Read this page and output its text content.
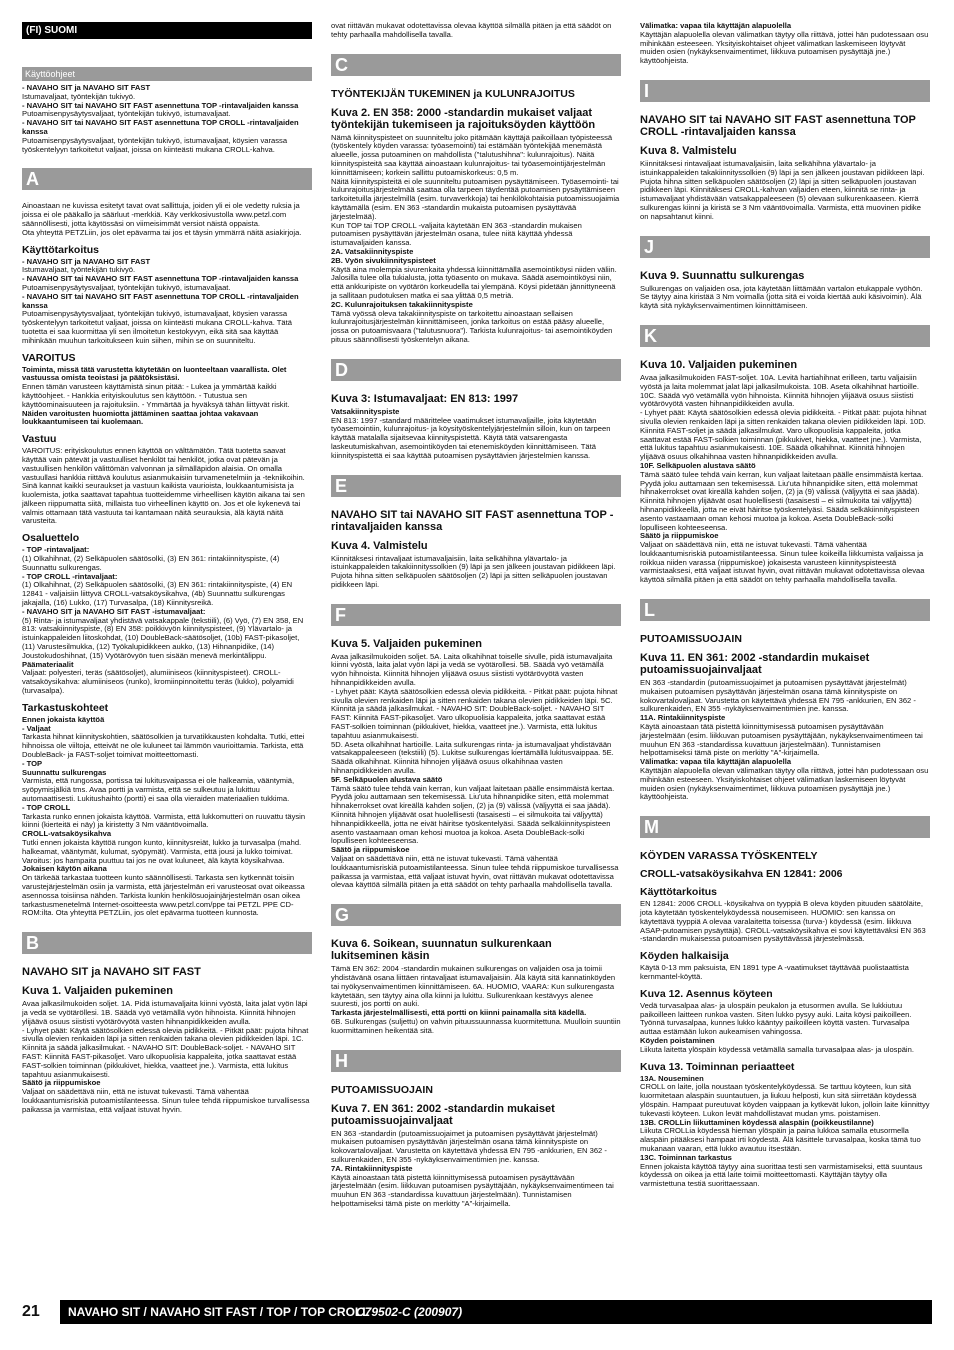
(FI) SUOMI
Käyttöohjeet
- NAVAHO SIT ja NAVAHO SIT FAST
Istumavaljaat, työntekijän tukivyö.
- NAVAHO SIT tai NAVAHO SIT FAST asennettuna TOP -rintavaljaiden kanssa
Putoamisenpysäytysvaljaat, työntekijän tukivyö, istumavaljaat.
- NAVAHO SIT tai NAVAHO SIT FAST asennettuna TOP CROLL -rintavaljaiden kanssa
Putoamisenpysäytysvaljaat, työntekijän tukivyö, istumavaljaat, köysien varassa työskentelyyn tarkoitetut valjaat, joissa on kiinteästi mukana CROLL-kahva.
A
Ainoastaan ne kuvissa esitetyt tavat ovat sallittuja, joiden yli ei ole vedetty ruksia ja joissa ei ole pääkallo ja säärluut -merkkiä. Käy verkkosivustolla www.petzl.com säännöllisesti, jotta käytössäsi on viimeisimmät versiot näistä oppaista.
Ota yhteyttä PETZLiin, jos olet epävarma tai jos et täysin ymmärrä näitä asiakirjoja.
Käyttötarkoitus
- NAVAHO SIT ja NAVAHO SIT FAST
Istumavaljaat, työntekijän tukivyö.
- NAVAHO SIT tai NAVAHO SIT FAST asennettuna TOP -rintavaljaiden kanssa
Putoamisenpysäytysvaljaat, työntekijän tukivyö, istumavaljaat.
- NAVAHO SIT tai NAVAHO SIT FAST asennettuna TOP CROLL -rintavaljaiden kanssa
Putoamisenpysäytysvaljaat, työntekijän tukivyö, istumavaljaat, köysien varassa työskentelyyn tarkoitetut valjaat, joissa on kiinteästi mukana CROLL-kahva. Tätä tuotetta ei saa kuormittaa yli sen ilmoitetun kestokyvyn, eikä sitä saa käyttää mihinkään muuhun tarkoitukseen kuin siihen, mihin se on suunniteltu.
VAROITUS
Toiminta, missä tätä varustetta käytetään on luonteeltaan vaarallista. Olet vastuussa omista teoistasi ja päätöksistäsi.
Ennen tämän varusteen käyttämistä sinun pitää: - Lukea ja ymmärtää kaikki käyttöohjeet. - Hankkia erityiskoulutus sen käyttöön. - Tutustua sen käyttöominaisuuteen ja rajoituksiin. - Ymmärtää ja hyväksyä tähän liittyvät riskit.
Näiden varoitusten huomiotta jättäminen saattaa johtaa vakavaan loukkaantumiseen tai kuolemaan.
Vastuu
VAROITUS: erityiskoulutus ennen käyttöä on välttämätön. Tätä tuotetta saavat käyttää vain pätevät ja vastuulliset henkilöt tai henkilöt, jotka ovat pätevän ja vastuullisen henkilön välittömän valvonnan ja silmälläpidon alaisia. On omalla vastuullasi hankkia riittävä koulutus asianmukaisiin turvamenetelmiin ja -tekniikoihin. Sinä kannat kaikki seuraukset ja vastuun kaikista vaurioista, loukkaantumisista ja kuolemista, jotka saattavat tapahtua tuotteidemme virheellisen käytön aikana tai sen jälkeen riippumatta siitä, millaista tuo virheellinen käyttö on. Jos et ole kykenevä tai valmis ottamaan tätä vastuuta tai kantamaan näitä seurauksia, älä käytä näitä varusteita.
Osaluettelo
- TOP -rintavaljaat:
(1) Olkahihnat, (2) Selkäpuolen säätösolki, (3) EN 361: rintakiinnityspiste, (4) Suunnattu sulkurengas.
- TOP CROLL -rintavaljaat:
(1) Olkahihnat, (2) Selkäpuolen säätösolki, (3) EN 361: rintakiinnityspiste, (4) EN 12841 - valjaisiin liittyvä CROLL-vatsaköysikahva, (4b) Suunnattu sulkurengas jakajalla, (16) Lukko, (17) Turvasalpa, (18) Kiinnitysreikä.
- NAVAHO SIT ja NAVAHO SIT FAST -istumavaljaat:
(5) Rinta- ja istumavaljaat yhdistävä vatsakappale (tekstiili), (6) Vyö, (7) EN 358, EN 813: vatsakiinnityspiste, (8) EN 358: poikkivyön kiinnityspisteet, (9) Ylävartalo- ja istuinkappaleiden liitoskohdat, (10) DoubleBack-säätösoljet, (10b) FAST-pikasoljet, (11) Varustesilmukka, (12) Työkalupidikkeen aukko, (13) Hihnanpidike, (14) Joustokudoshihnat, (15) Vyötärövyön tuen sisään menevä merkintälippu.
Päämateriaalit
Valjaat: polyesteri, teräs (säätösoljet), alumiiniseos (kiinnityspisteet). CROLL-vatsaköysikahva: alumiiniseos (runko), kromiinpinnoitettu teräs (lukko), polyamidi (turvasalpa).
Tarkastuskohteet
Ennen jokaista käyttöä
- Valjaat
Tarkasta hihnat kiinnityskohtien, säätösolkien ja turvatikkausten kohdalta. Tutki, ettei hihnoissa ole viiltoja, etteivät ne ole kuluneet tai lämmön vaurioittamia. Tarkista, että DoubleBack- ja FAST-soljet toimivat moitteettomasti.
- TOP
Suunnattu sulkurengas
Varmista, että rungossa, portissa tai lukitusvaipassa ei ole halkeamia, vääntymiä, syöpymisjälkiä tms. Avaa portti ja varmista, että se sulkeutuu ja lukittuu automaattisesti. Lukitushaihto (portti) ei saa olla vieraiden materiaalien tukkima.
- TOP CROLL
Tarkasta runko ennen jokaista käyttöä. Varmista, että lukkomutteri on ruuvattu täysin kiinni (kierteitä ei näy) ja kiristetty 3 Nm vääntövoimalla.
CROLL-vatsaköysikahva
Tutki ennen jokaista käyttöä rungon kunto, kiinnitysreiät, lukko ja turvasalpa (mahd. halkeamat, vääntymät, kulumat, syöpymät). Varmista, että jousi ja lukko toimivat. Varoitus: jos hampaita puuttuu tai jos ne ovat kuluneet, älä käytä köysikahvaa.
Jokaisen käytön aikana
On tärkeää tarkastaa tuotteen kunto säännöllisesti. Tarkasta sen kytkennät toisiin varustejärjestelmän osiin ja varmista, että järjestelmän eri varusteosat ovat oikeassa asennossa toisiinsa nähden. Tarkista kunkin henkilösuojainjärjestelmän osan oikea tarkastusmenetelmä Internet-osoitteesta www.petzl.com/ppe tai PETZL PPE CD-ROM:ilta. Ota yhteyttä PETZLiin, jos olet epävarma tuotteen kunnosta.
B
NAVAHO SIT ja NAVAHO SIT FAST
Kuva 1. Valjaiden pukeminen
Avaa jalkasilmukoiden soljet. 1A. Pidä istumavaljaita kiinni vyöstä, laita jalat vyön läpi ja vedä se vyötäröllesi. 1B. Säädä vyö vetämällä vyön hihnoista. Kiinnitä hihnojen ylijäävä osuus siististi vyötärövyötä vasten hihnanpidikkeiden avulla.
- Lyhyet päät: Käytä säätösolkien edessä olevia pidikkeitä. - Pitkät päät: pujota hihnat sivulla olevien renkaiden läpi ja sitten renkaiden takana olevien pidikkeiden läpi. 1C. Kiinnitä ja säädä jalkasilmukat. - NAVAHO SIT: DoubleBack-soljet. - NAVAHO SIT FAST: Kiinnitä FAST-pikasoljet. Varo ulkopuolisia kappaleita, jotka saattavat estää FAST-solkien toiminnan (pikkukivet, hiekka, vaatteet jne.). Varmista, että lukitus tapahtuu asianmukaisesti.
Säätö ja riippumiskoe
Valjaat on säädettävä niin, että ne istuvat tukevasti. Tämä vähentää loukkaantumisriskiä putoamistilanteessa. Sinun tulee tehdä riippumiskoe turvallisessa paikassa ja varmistaa, että valjaat istuvat hyvin.
ovat riittävän mukavat odotettavissa olevaa käyttöä silmällä pitäen ja että säädöt on tehty parhaalla mahdollisella tavalla.
C
TYÖNTEKIJÄN TUKEMINEN ja KULUNRAJOITUS
Kuva 2. EN 358: 2000 -standardin mukaiset valjaat työntekijän tukemiseen ja rajoituksöyden käyttöön
Nämä kiinnityspisteet on suunniteltu joko pitämään käyttäjä paikoillaan työpisteessä (työskentely köyden varassa: työasemointi) tai estämään työntekijää menemästä alueelle, jossa putoaminen on mahdollista ("talutushihna": kulunrajoitus). Näitä kiinnityspisteitä saa käyttää ainoastaan kulunrajoitus- tai työasemointijärjestelmän kiinnittämiseen; korkein sallittu putoamiskorkeus: 0,5 m.
Näitä kiinnityspisteitä ei ole suunniteltu putoamisen pysäyttämiseen. Työasemointi- tai kulunrajoitusjärjestelmää saattaa olla tarpeen täydentää putoamisen pysäyttämiseen tarkoitetuilla järjestelmillä (esim. turvaverkkoja) tai henkilökohtaisia putoamissuojaimia käyttämällä (esim. EN 363 -standardin mukaista putoamisen pysäyttävää järjestelmää).
Kun TOP tai TOP CROLL -valjaita käytetään EN 363 -standardin mukaisen putoamisen pysäyttävän järjestelmän osana, tulee niitä käyttää yhdessä istumavaljaiden kanssa.
2A. Vatsakiinnityspiste
2B. Vyön sivukiinnityspisteet
Käytä aina molempia sivurenkaita yhdessä kiinnittämällä asemointiköysi niiden väliin. Jalosilla tulee olla tukialusta, jotta työasento on mukava. Säädä asemointiköysi niin, että ankkuripiste on vyötärön korkeudella tai ylempänä. Köysi pidetään jännittyneenä ja sallitaan pudotuksen matka ei saa ylittää 0,5 metriä.
2C. Kulunrajoituksen takakiinnityspiste
Tämä vyössä oleva takakiinnityspiste on tarkoitettu ainoastaan sellaisen kulunrajoitusjärjestelmän kiinnittämiseen, jonka tarkoitus on estää pääsy alueelle, jossa on putoamisvaara ("talutusnuora"). Tarkista kulunrajoitus- tai asemointiköyden pituus säännöllisesti työskentelyn aikana.
D
Kuva 3: Istumavaljaat: EN 813: 1997
Vatsakiinnityspiste
EN 813: 1997 -standard määrittelee vaatimukset istumavaljaille, joita käytetään työasemointiin, kulunrajoitus- ja köysityöskentelyjärjestelmiin silloin, kun on tarpeen käyttää matalalla sijaitsevaa kiinnityspistettä. Käytä tätä vatsarengasta laskeutumiskahvan, asemointiköyden tai etenemisköyden kiinnittämiseen. Tätä kiinnityspistettä ei saa käyttää putoamisen pysäyttävien järjestelmien kanssa.
E
NAVAHO SIT tai NAVAHO SIT FAST asennettuna TOP -rintavaljaiden kanssa
Kuva 4. Valmistelu
Kiinnitäksesi rintavaljaat istumavaljaisiin, laita selkähihna ylävartalo- ja istuinkappaleiden takakiinnityssolkien (9) läpi ja sen jälkeen joustavan pidikkeen läpi. Pujota hihna sitten selkäpuolen säätösoljen (2) läpi ja sitten selkäpuolen joustavan pidikkeen läpi.
F
Kuva 5. Valjaiden pukeminen
Avaa jalkasilmukoiden soljet. 5A. Laita olkahihnat toiselle sivulle, pidä istumavaljaita kiinni vyöstä, laita jalat vyön läpi ja vedä se vyötärollesi. 5B. Säädä vyö vetämällä vyön hihnoista. Kiinnitä hihnojen ylijäävä osuus siististi vyötärövyötä vasten hihnanpidikkeiden avulla.
- Lyhyet päät: Käytä säätösolkien edessä olevia pidikkeitä. - Pitkät päät: pujota hihnat sivulla olevien renkaiden läpi ja sitten renkaiden takana olevien pidikkeiden läpi. 5C. Kiinnitä ja säädä jalkasilmukat. - NAVAHO SIT: DoubleBack-soljet. - NAVAHO SIT FAST: Kiinnitä FAST-pikasoljet. Varo ulkopuolisia kappaleita, jotka saattavat estää FAST-solkien toiminnan (pikkukivet, hiekka, vaatteet jne.). Varmista, että lukitus tapahtuu asianmukaisesti.
5D. Aseta olkahihnat hartioille. Laita sulkurengas rinta- ja istumavaljaat yhdistävään vatsakappaleeseen (tekstiili) (5). Lukitse sulkurengas kiertämällä lukitusvaippaa. 5E. Säädä olkahihnat. Kiinnitä hihnojen ylijäävä osuus olkahihnaa vasten hihnanpidikkeiden avulla.
5F. Selkäpuolen alustava säätö
Tämä säätö tulee tehdä vain kerran, kun valjaat laitetaan päälle ensimmäistä kertaa. Pyydä joku auttamaan sen tekemisessä. Liu'uta hihnanpidike siten, että molemmat hihnakerrokset ovat kireällä kahden soljen, (2) ja (9) välissä (väljyyttä ei saa jäädä). Kiinnitä hihnojen ylijäävät osat huolellisesti (tasaisesti – ei silmukoita tai väljyyttä) hihnanpidikkeellä, jotta ne eivät häiritse työskentelyäsi. Säädä selkäkiinnityspisteen asento vastaamaan oman kehosi muotoa ja kokoa. Aseta DoubleBack-solki lopulliseen kohteeseensa.
Säätö ja riippumiskoe
Valjaat on säädettävä niin, että ne istuvat tukevasti. Tämä vähentää loukkaantumisriskiä putoamistilanteessa. Sinun tulee tehdä riippumiskoe turvallisessa paikassa ja varmistaa, että valjaat istuvat hyvin, ovat riittävän mukavat odotettavissa olevaa käyttöä silmällä pitäen ja että säädöt on tehty parhaalla mahdollisella tavalla.
G
Kuva 6. Soikean, suunnatun sulkurenkaan lukitseminen käsin
Tämä EN 362: 2004 -standardin mukainen sulkurengas on valjaiden osa ja toimii yhdistävänä osana liittäen rintavaljaat istumavaljaisiin. Älä käytä sitä kannatinköyden tai nyökysenvaimentimen kiinnittämiseen. 6A. HUOMIO, VAARA: Kun sulkurengasta käytetään, sen täytyy aina olla kiinni ja lukittu. Sulkurenkaan kestävyys alenee suuresti, jos portti on auki.
Tarkasta järjestelmällisesti, että portti on kiinni painamalla sitä kädellä.
6B. Sulkurengas (suljettu) on vahvin pituussuunnassa kuormitettuna. Muulloin suuntiin kuormittaminen heikentää sitä.
H
PUTOAMISSUOJAIN
Kuva 7. EN 361: 2002 -standardin mukaiset putoamissuojainvaljaat
EN 363 -standardin (putoamissuojaimet ja putoamisen pysäyttävät järjestelmät) mukaisen putoamisen pysäyttävän järjestelmän osana tämä kiinnityspiste on kokovartalovaljaat. Varustetta on käytettävä yhdessä EN 795 -ankkurien, EN 362 -sulkurenkaiden, EN 355 -nykäyksenvaimentimien jne. kanssa.
7A. Rintakiinnityspiste
Käytä ainoastaan tätä pistettä kiinnittymisessä putoamisen pysäyttävään järjestelmään (esim. liikkuvan putoamisen pysäyttäjään, nykäyksenvaimentimeen tai muuhun EN 363 -standardissa kuvattuun järjestelmään). Tunnistamisen helpottamiseksi tämä piste on merkitty "A"-kirjaimella.
Välimatka: vapaa tila käyttäjän alapuolella
Käyttäjän alapuolella olevan välimatkan täytyy olla riittävä, jottei hän pudotessaan osu mihinkään esteeseen. Yksityiskohtaiset ohjeet välimatkan laskemiseen löytyvät muiden osien (nykäyksenvaimentimet, liikkuva putoamisen pysäyttäjä jne.) käyttöohjeista.
I
NAVAHO SIT tai NAVAHO SIT FAST asennettuna TOP CROLL -rintavaljaiden kanssa
Kuva 8. Valmistelu
Kiinnitäksesi rintavaljaat istumavaljaisiin, laita selkähihna ylävartalo- ja istuinkappaleiden takakiinnityssolkien (9) läpi ja sen jälkeen joustavan pidikkeen läpi. Pujota hihna sitten selkäpuolen säätösoljen (2) läpi ja sitten selkäpuolen joustavan pidikkeen läpi. Kiinnitäksesi CROLL-kahvan valjaiden eteen, kiinnitä se rinta- ja istumavaljaat yhdistävään vatsakappaleeseen (5) olevaan sulkurenkaaseen. Kierrä sulkurengas kiinni ja kiristä se 3 Nm vääntövoimalla. Varmista, että muovinen pidike on napsahtanut kiinni.
J
Kuva 9. Suunnattu sulkurengas
Sulkurengas on valjaiden osa, jota käytetään liittämään vartalon etukappale vyöhön. Se täytyy aina kiristää 3 Nm voimalla (jotta sitä ei voida kiertää auki käsivoimin). Älä käytä sitä nykäyksenvaimentimen kiinnittämiseen.
K
Kuva 10. Valjaiden pukeminen
Avaa jalkasilmukoiden FAST-soljet. 10A. Levitä hartiahihnat erilleen, tartu valjaisiin vyöstä ja laita molemmat jalat läpi jalkasilmukoista. 10B. Aseta olkahihnat hartioille. 10C. Säädä vyö vetämällä vyön hihnoista. Kiinnitä hihnojen ylijäävä osuus siististi vyötärövyötä vasten hihnanpidikkeiden avulla.
- Lyhyet päät: Käytä säätösolkien edessä olevia pidikkeitä. - Pitkät päät: pujota hihnat sivulla olevien renkaiden läpi ja sitten renkaiden takana olevien pidikkeiden läpi. 10D. Kiinnitä FAST-soljet ja säädä jalkasilmukat. Varo ulkopuolisia kappaleita, jotka saattavat estää FAST-solkien toiminnan (pikkukivet, hiekka, vaatteet jne.). Varmista, että lukitus tapahtuu asianmukaisesti. 10E. Säädä olkahihnat. Kiinnitä hihnojen ylijäävä osuus olkahihnaa vasten hihnanpidikkeiden avulla.
10F. Selkäpuolen alustava säätö
Tämä säätö tulee tehdä vain kerran, kun valjaat laitetaan päälle ensimmäistä kertaa. Pyydä joku auttamaan sen tekemisessä. Liu'uta hihnanpidike siten, että molemmat hihnakerrokset ovat kireällä kahden soljen, (2) ja (9) välissä (väljyyttä ei saa jäädä). Kiinnitä hihnojen ylijäävät osat huolellisesti (tasaisesti – ei silmukoita tai väljyyttä) hihnanpidikkeellä, jotta ne eivät häiritse työskentelyäsi. Säädä selkäkiinnityspisteen asento vastaamaan oman kehosi muotoa ja kokoa. Aseta DoubleBack-solki lopulliseen kohteeseensa.
Säätö ja riippumiskoe
Valjaat on säädettävä niin, että ne istuvat tukevasti. Tämä vähentää loukkaantumisriskiä putoamistilanteessa. Sinun tulee koikeilla liikkumista valjaissa ja roikkua niiden varassa (riippumiskoe) jokaisesta varusteen kiinnityspisteestä varmistaaksesi, että valjaat istuvat hyvin, ovat riittävän mukavat odotettavissa olevaa käyttöä silmällä pitäen ja että säädöt on tehty parhaalla mahdollisella tavalla.
L
PUTOAMISSUOJAIN
Kuva 11. EN 361: 2002 -standardin mukaiset putoamissuojainvaljaat
EN 363 -standardin (putoamissuojaimet ja putoamisen pysäyttävät järjestelmät) mukaisen putoamisen pysäyttävän järjestelmän osana tämä kiinnityspiste on kokovartalovaljaat. Varustetta on käytettävä yhdessä EN 795 -ankkurien, EN 362 -sulkurenkaiden, EN 355 -nykäyksenvaimentimien jne. kanssa.
11A. Rintakiinnityspiste
Käytä ainoastaan tätä pistettä kiinnittymisessä putoamisen pysäyttävään järjestelmään (esim. liikkuvan putoamisen pysäyttäjään, nykäyksenvaimentimeen tai muuhun EN 363 -standardissa kuvattuun järjestelmään). Tunnistamisen helpottamiseksi tämä piste on merkitty "A"-kirjaimella.
Välimatka: vapaa tila käyttäjän alapuolella
Käyttäjän alapuolella olevan välimatkan täytyy olla riittävä, jottei hän pudotessaan osu mihinkään esteeseen. Yksityiskohtaiset ohjeet välimatkan laskemiseen löytyvät muiden osien (nykäyksenvaimentimet, liikkuva putoamisen pysäyttäjä jne.) käyttöohjeista.
M
KÖYDEN VARASSA TYÖSKENTELY
CROLL-vatsaköysikahva EN 12841: 2006
Käyttötarkoitus
EN 12841: 2006 CROLL -köysikahva on tyyppiä B oleva köyden pituuden säätöläite, jota käytetään työskentelyköydessä nousemiseen. HUOMIO: sen kanssa on käytettävä tyyppiä A olevaa varalaitetta toisessa (turva-) köydessä (esim. liikkuva ASAP-putoamisen pysäyttäjä). CROLL-vatsaköysikahva ei sovi käytettäväksi EN 363 -standardin mukaisessa putoamisen pysäyttävässä järjestelmässä.
Köyden halkaisija
Käytä 0-13 mm paksuista, EN 1891 type A -vaatimukset täyttävää puolistaattista kernmantel-köyttä.
Kuva 12. Asennus köyteen
Vedä turvasalpaa alas- ja ulospäin peukalon ja etusormen avulla. Se lukkiutuu paikoilleen laitteen runkoa vasten. Siten lukko pysyy auki. Laita köysi paikoilleen. Työnnä turvasalpaa, kunnes lukko kääntyy paikoilleen köyttä vasten. Turvasalpa auttaa estämään lukon aukeamisen vahingossa.
Köyden poistaminen
Liikuta laitetta ylöspäin köydessä vetämällä samalla turvasalpaa alas- ja ulospäin.
Kuva 13. Toiminnan periaatteet
13A. Nouseminen
CROLL on laite, jolla noustaan työskentelyköydessä. Se tarttuu köyteen, kun sitä kuormitetaan alaspäin suuntautuen, ja liukuu helposti, kun sitä siirretään köydessä ylöspäin. Hampaat pureutuvat köyden vaippaan ja kytkevät lukon, jolloin laite kiinnittyy tukevasti köyteen. Lukon levät mahdollistavat mudan yms. poistamisen.
13B. CROLLin liikuttaminen köydessä alaspäin (poikkeustilanne)
Liikuta CROLLia köydessä hieman ylöspäin ja paina lukkoa samalla etusormella alaspäin pitääksesi hampaat irti köydestä. Älä käsittele turvasalpaa, koska tämä tuo mukanaan vaaran, että lukko avautuu itsestään.
13C. Toiminnan tarkastus
Ennen jokaista käyttöä täytyy aina suorittaa testi sen varmistamiseksi, että suuntaus köydessä on oikea ja että laite toimii moitteettomasti. Käyttäjän täytyy olla varmistettuna testiä suorittaessaan.
21 NAVAHO SIT / NAVAHO SIT FAST / TOP / TOP CROLL
C79502-C (200907)
